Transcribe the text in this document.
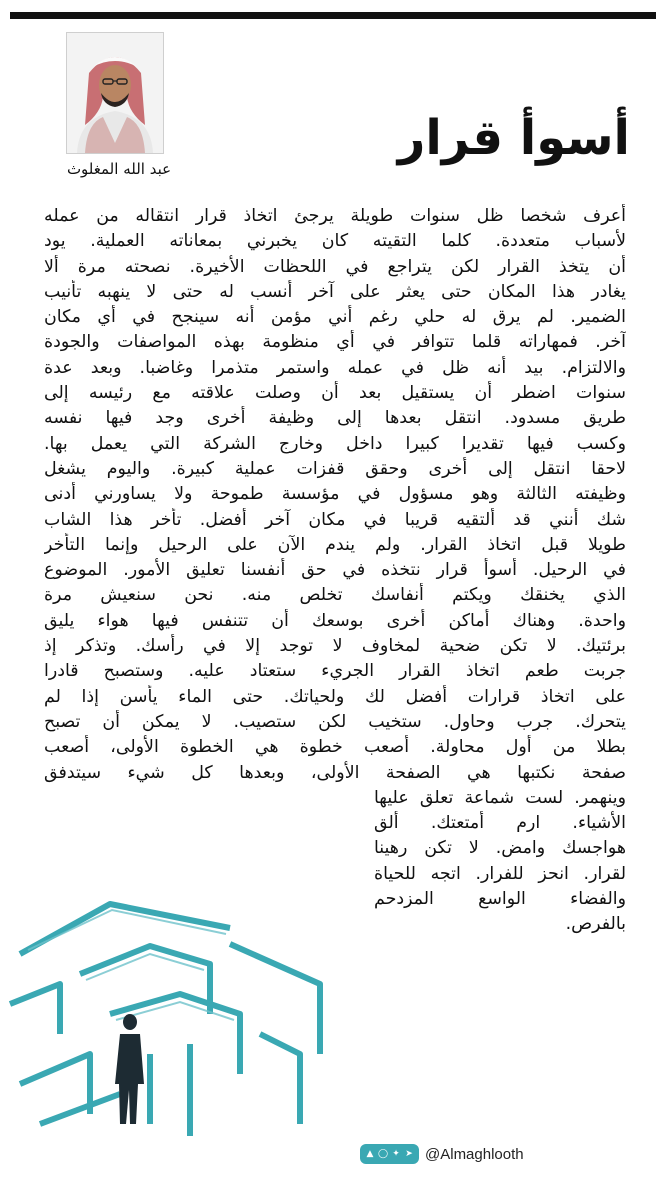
عبد الله المغلوث
أسوأ قرار
أعرف شخصا ظل سنوات طويلة يرجئ اتخاذ قرار انتقاله من عمله
لأسباب متعددة. كلما التقيته كان يخبرني بمعاناته العملية. يود
أن يتخذ القرار لكن يتراجع في اللحظات الأخيرة. نصحته مرة ألا
يغادر هذا المكان حتى يعثر على آخر أنسب له حتى لا ينهبه تأنيب
الضمير. لم يرق له حلي رغم أني مؤمن أنه سينجح في أي مكان
آخر. فمهاراته قلما تتوافر في أي منظومة بهذه المواصفات والجودة
والالتزام. بيد أنه ظل في عمله واستمر متذمرا وغاضبا. وبعد عدة
سنوات اضطر أن يستقيل بعد أن وصلت علاقته مع رئيسه إلى
طريق مسدود. انتقل بعدها إلى وظيفة أخرى وجد فيها نفسه
وكسب فيها تقديرا كبيرا داخل وخارج الشركة التي يعمل بها.
لاحقا انتقل إلى أخرى وحقق قفزات عملية كبيرة. واليوم يشغل
وظيفته الثالثة وهو مسؤول في مؤسسة طموحة ولا يساورني أدنى
شك أنني قد ألتقيه قريبا في مكان آخر أفضل. تأخر هذا الشاب
طويلا قبل اتخاذ القرار. ولم يندم الآن على الرحيل وإنما التأخر
في الرحيل. أسوأ قرار نتخذه في حق أنفسنا تعليق الأمور. الموضوع
الذي يخنقك ويكتم أنفاسك تخلص منه. نحن سنعيش مرة
واحدة. وهناك أماكن أخرى بوسعك أن تتنفس فيها هواء يليق
برئتيك. لا تكن ضحية لمخاوف لا توجد إلا في رأسك. وتذكر إذ
جربت طعم اتخاذ القرار الجريء ستعتاد عليه. وستصبح قادرا
على اتخاذ قرارات أفضل لك ولحياتك. حتى الماء يأسن إذا لم
يتحرك. جرب وحاول. ستخيب لكن ستصيب. لا يمكن أن تصبح
بطلا من أول محاولة. أصعب خطوة هي الخطوة الأولى، أصعب
صفحة نكتبها هي الصفحة الأولى، وبعدها كل شيء سيتدفق
وينهمر. لست شماعة تعلق عليها
الأشياء. ارم أمتعتك. ألق
هواجسك وامض. لا تكن رهينا
لقرار. انحز للفرار. اتجه للحياة
والفضاء الواسع المزدحم
بالفرص.
▲ ◯ ✦ ➤ @Almaghlooth
